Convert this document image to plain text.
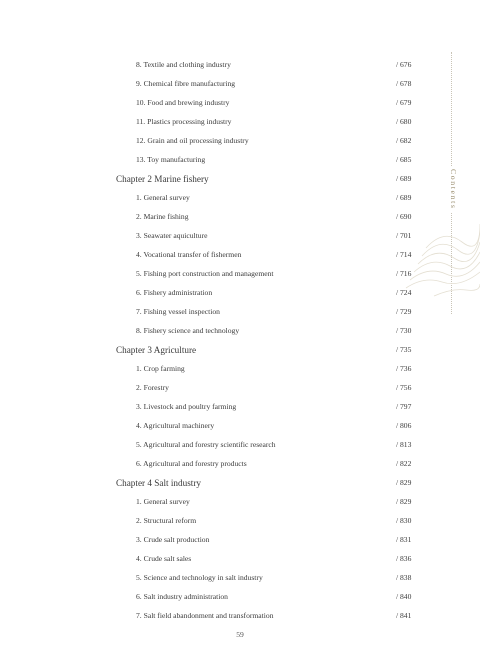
8. Textile and clothing industry	/ 676
9. Chemical fibre manufacturing	/ 678
10. Food and brewing industry	/ 679
11. Plastics processing industry	/ 680
12. Grain and oil processing industry	/ 682
13. Toy manufacturing	/ 685
Chapter 2 Marine fishery	/ 689
1. General survey	/ 689
2. Marine fishing	/ 690
3. Seawater aquiculture	/ 701
4. Vocational transfer of fishermen	/ 714
5. Fishing port construction and management	/ 716
6. Fishery administration	/ 724
7. Fishing vessel inspection	/ 729
8. Fishery science and technology	/ 730
Chapter 3 Agriculture	/ 735
1. Crop farming	/ 736
2. Forestry	/ 756
3. Livestock and poultry farming	/ 797
4. Agricultural machinery	/ 806
5. Agricultural and forestry scientific research	/ 813
6. Agricultural and forestry products	/ 822
Chapter 4 Salt industry	/ 829
1. General survey	/ 829
2. Structural reform	/ 830
3. Crude salt production	/ 831
4. Crude salt sales	/ 836
5. Science and technology in salt industry	/ 838
6. Salt industry administration	/ 840
7. Salt field abandonment and transformation	/ 841
Contents
59
